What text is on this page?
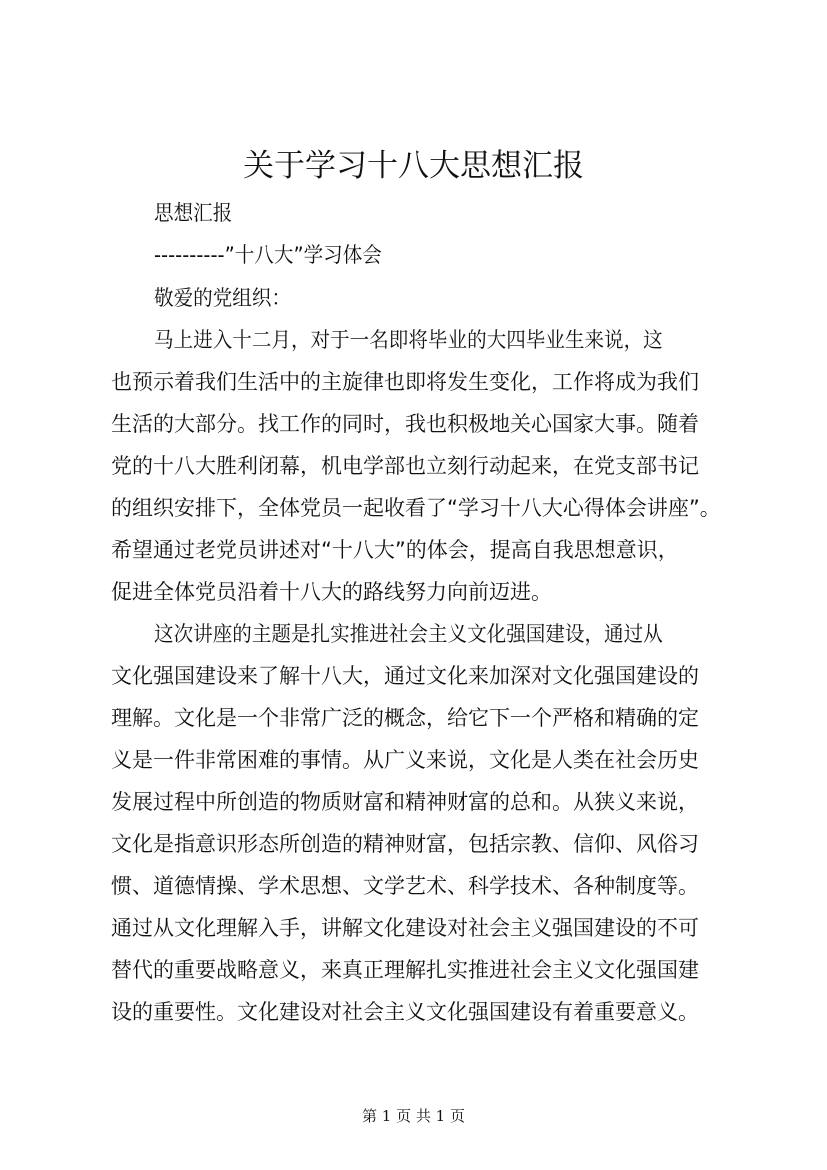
关于学习十八大思想汇报
思想汇报
----------”十八大”学习体会
敬爱的党组织：
马上进入十二月，对于一名即将毕业的大四毕业生来说，这
也预示着我们生活中的主旋律也即将发生变化，工作将成为我们
生活的大部分。找工作的同时，我也积极地关心国家大事。随着
党的十八大胜利闭幕，机电学部也立刻行动起来，在党支部书记
的组织安排下，全体党员一起收看了“学习十八大心得体会讲座”。
希望通过老党员讲述对“十八大”的体会，提高自我思想意识，
促进全体党员沿着十八大的路线努力向前迈进。
这次讲座的主题是扎实推进社会主义文化强国建设，通过从
文化强国建设来了解十八大，通过文化来加深对文化强国建设的
理解。文化是一个非常广泛的概念，给它下一个严格和精确的定
义是一件非常困难的事情。从广义来说，文化是人类在社会历史
发展过程中所创造的物质财富和精神财富的总和。从狭义来说，
文化是指意识形态所创造的精神财富，包括宗教、信仰、风俗习
惯、道德情操、学术思想、文学艺术、科学技术、各种制度等。
通过从文化理解入手，讲解文化建设对社会主义强国建设的不可
替代的重要战略意义，来真正理解扎实推进社会主义文化强国建
设的重要性。文化建设对社会主义文化强国建设有着重要意义。
第 1 页 共 1 页
